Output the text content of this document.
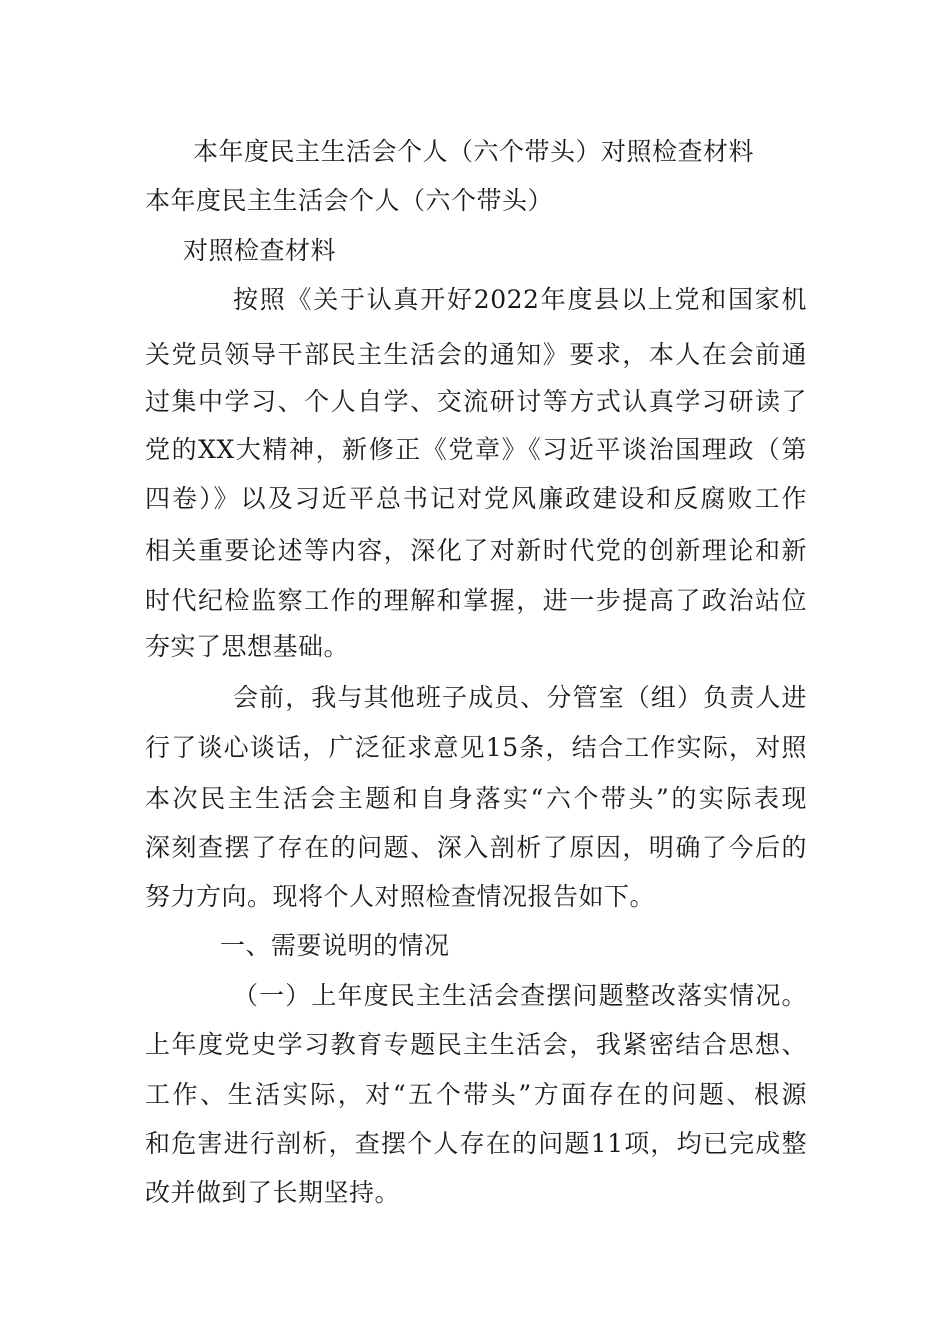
本年度民主生活会个人（六个带头）对照检查材料
本年度民主生活会个人（六个带头）
对照检查材料
按照《关于认真开好2022年度县以上党和国家机
关党员领导干部民主生活会的通知》要求，本人在会前通
过集中学习、个人自学、交流研讨等方式认真学习研读了
党的XX大精神，新修正《党章》《习近平谈治国理政（第
四卷）》以及习近平总书记对党风廉政建设和反腐败工作
相关重要论述等内容，深化了对新时代党的创新理论和新
时代纪检监察工作的理解和掌握，进一步提高了政治站位
夯实了思想基础。
会前，我与其他班子成员、分管室（组）负责人进
行了谈心谈话，广泛征求意见15条，结合工作实际，对照
本次民主生活会主题和自身落实“六个带头”的实际表现
深刻查摆了存在的问题、深入剖析了原因，明确了今后的
努力方向。现将个人对照检查情况报告如下。
一、需要说明的情况
（一）上年度民主生活会查摆问题整改落实情况。
上年度党史学习教育专题民主生活会，我紧密结合思想、
工作、生活实际，对“五个带头”方面存在的问题、根源
和危害进行剖析，查摆个人存在的问题11项，均已完成整
改并做到了长期坚持。
